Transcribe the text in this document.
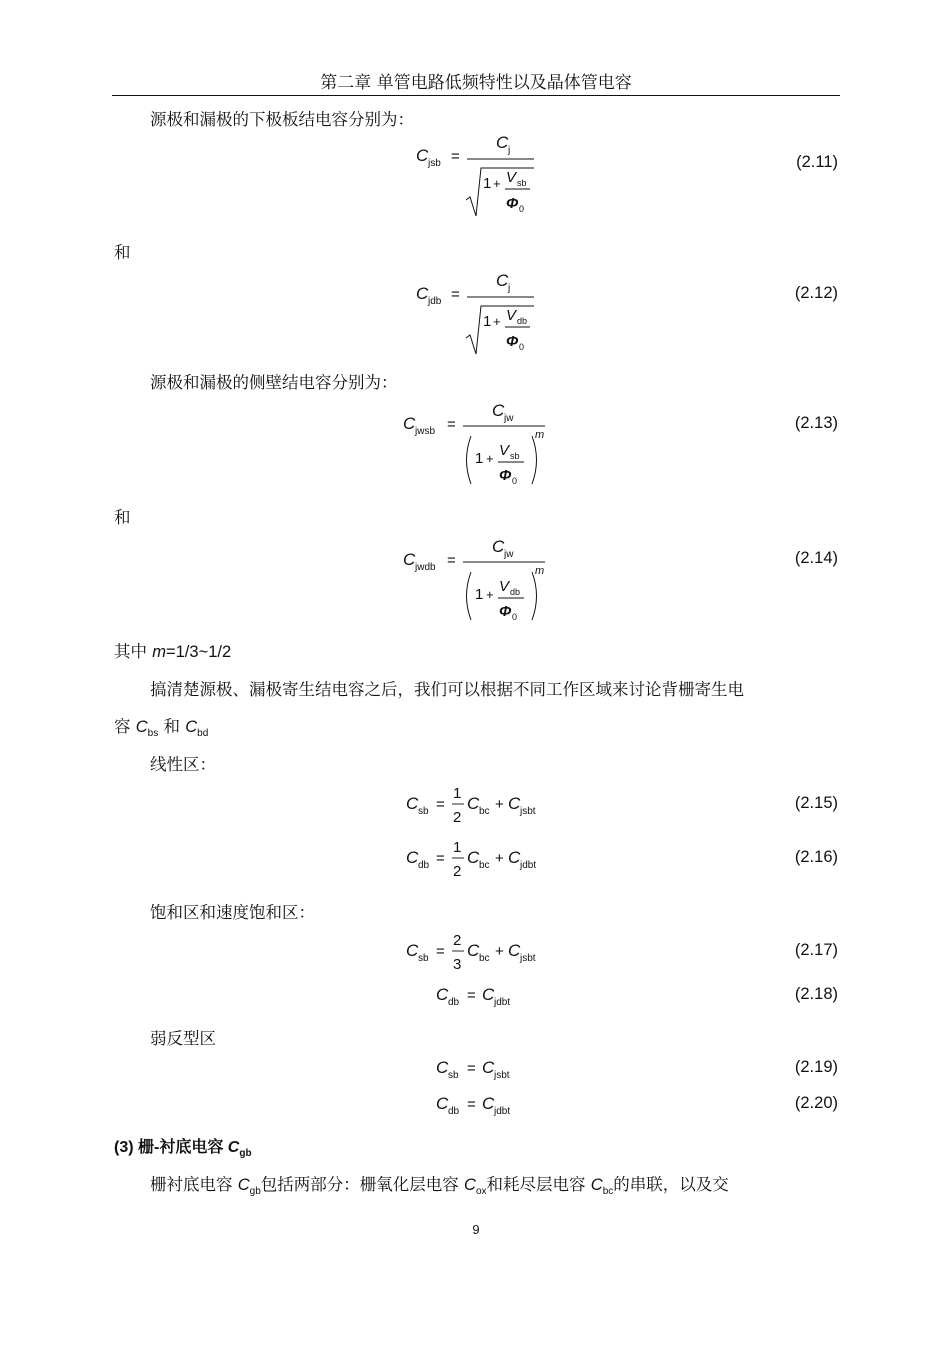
第二章 单管电路低频特性以及晶体管电容
源极和漏极的下极板结电容分别为：
C jsb =
C j
1 + V sb
Φ 0
(2.11)
和
C jdb =
C j
1 + V db
Φ 0
(2.12)
源极和漏极的侧壁结电容分别为：
C jwsb =
C jw
m
1 + V sb
Φ 0
(2.13)
和
C jwdb =
C jw
m
1 + V db
Φ 0
(2.14)
其中 m=1/3~1/2
搞清楚源极、漏极寄生结电容之后，我们可以根据不同工作区域来讨论背栅寄生电
容 $C_{bs}$ 和 $C_{bd}$
线性区：
C sb =
1
2
C bc + C jsbt	(2.15)
C db =
1
2
C bc + C jdbt	(2.16)
饱和区和速度饱和区：
C sb =
2
3
C bc + C jsbt	(2.17)
C db = C jdbt	(2.18)
弱反型区
C sb = C jsbt	(2.19)
C db = C jdbt	(2.20)
(3) 栅-衬底电容 $C_{gb}$
栅衬底电容 $C_{gb}$包括两部分：栅氧化层电容 $C_{ox}$和耗尽层电容 $C_{bc}$的串联，以及交
9
